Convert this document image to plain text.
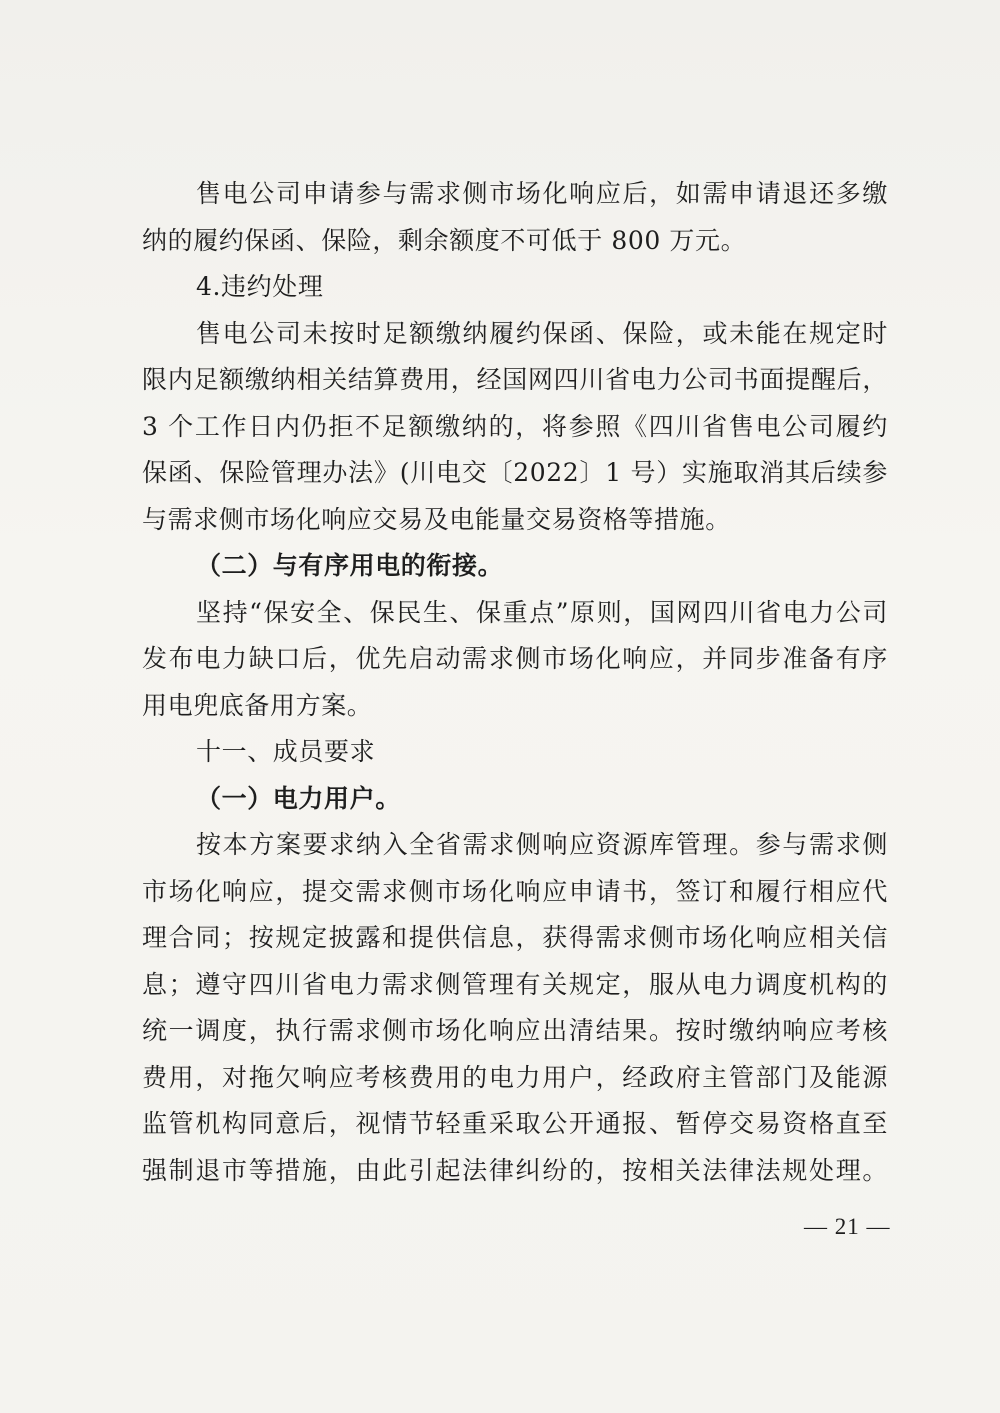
售电公司申请参与需求侧市场化响应后，如需申请退还多缴

纳的履约保函、保险，剩余额度不可低于 800 万元。

4.违约处理

售电公司未按时足额缴纳履约保函、保险，或未能在规定时

限内足额缴纳相关结算费用，经国网四川省电力公司书面提醒后，

3 个工作日内仍拒不足额缴纳的，将参照《四川省售电公司履约

保函、保险管理办法》(川电交〔2022〕1 号）实施取消其后续参

与需求侧市场化响应交易及电能量交易资格等措施。

（二）与有序用电的衔接。

坚持“保安全、保民生、保重点”原则，国网四川省电力公司

发布电力缺口后，优先启动需求侧市场化响应，并同步准备有序

用电兜底备用方案。

十一、成员要求

（一）电力用户。

按本方案要求纳入全省需求侧响应资源库管理。参与需求侧

市场化响应，提交需求侧市场化响应申请书，签订和履行相应代

理合同；按规定披露和提供信息，获得需求侧市场化响应相关信

息；遵守四川省电力需求侧管理有关规定，服从电力调度机构的

统一调度，执行需求侧市场化响应出清结果。按时缴纳响应考核

费用，对拖欠响应考核费用的电力用户，经政府主管部门及能源

监管机构同意后，视情节轻重采取公开通报、暂停交易资格直至

强制退市等措施，由此引起法律纠纷的，按相关法律法规处理。

— 21 —
